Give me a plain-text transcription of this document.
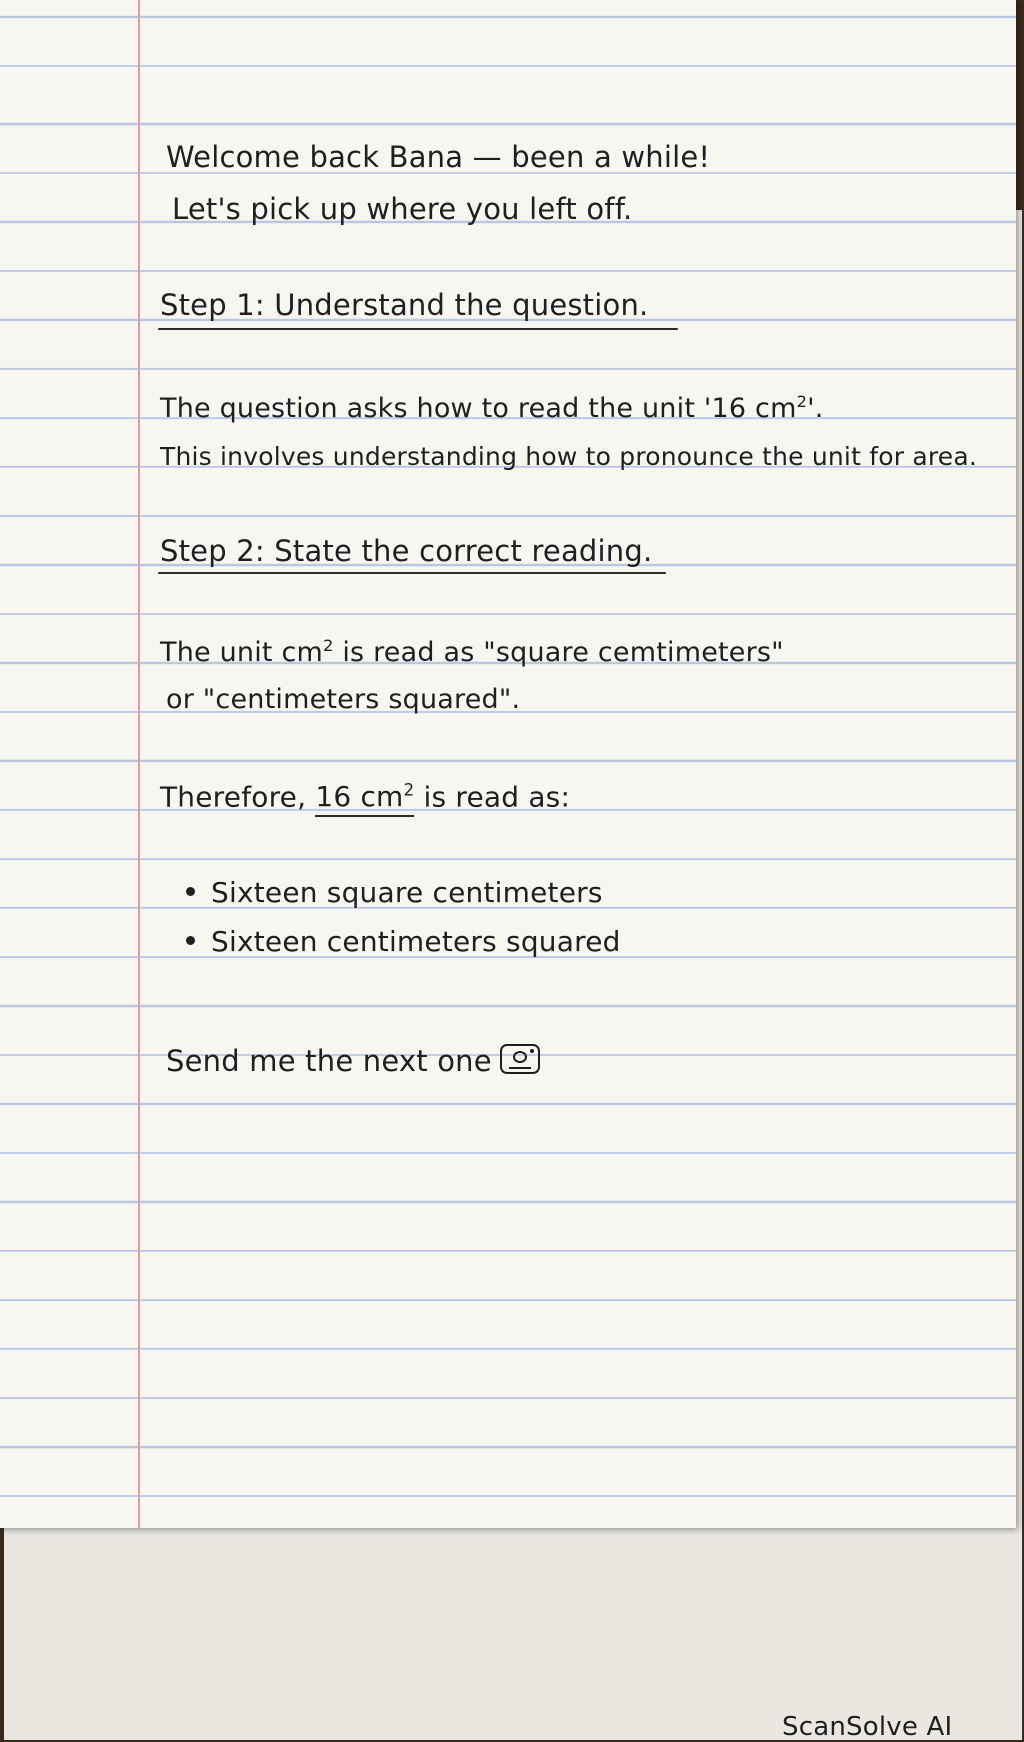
Welcome back Bana — been a while!
Let's pick up where you left off.
Step 1: Understand the question.
The question asks how to read the unit '16 $cm^2'$.
This involves understanding how to pronounce the unit for area.
Step 2: State the correct reading.
The unit $cm^2$ is read as "square cemtimeters"
or "centimeters squared".
Therefore, 16 $cm^2$ is read as:
Sixteen square centimeters
Sixteen centimeters squared
Send me the next one
ScanSolve AI
